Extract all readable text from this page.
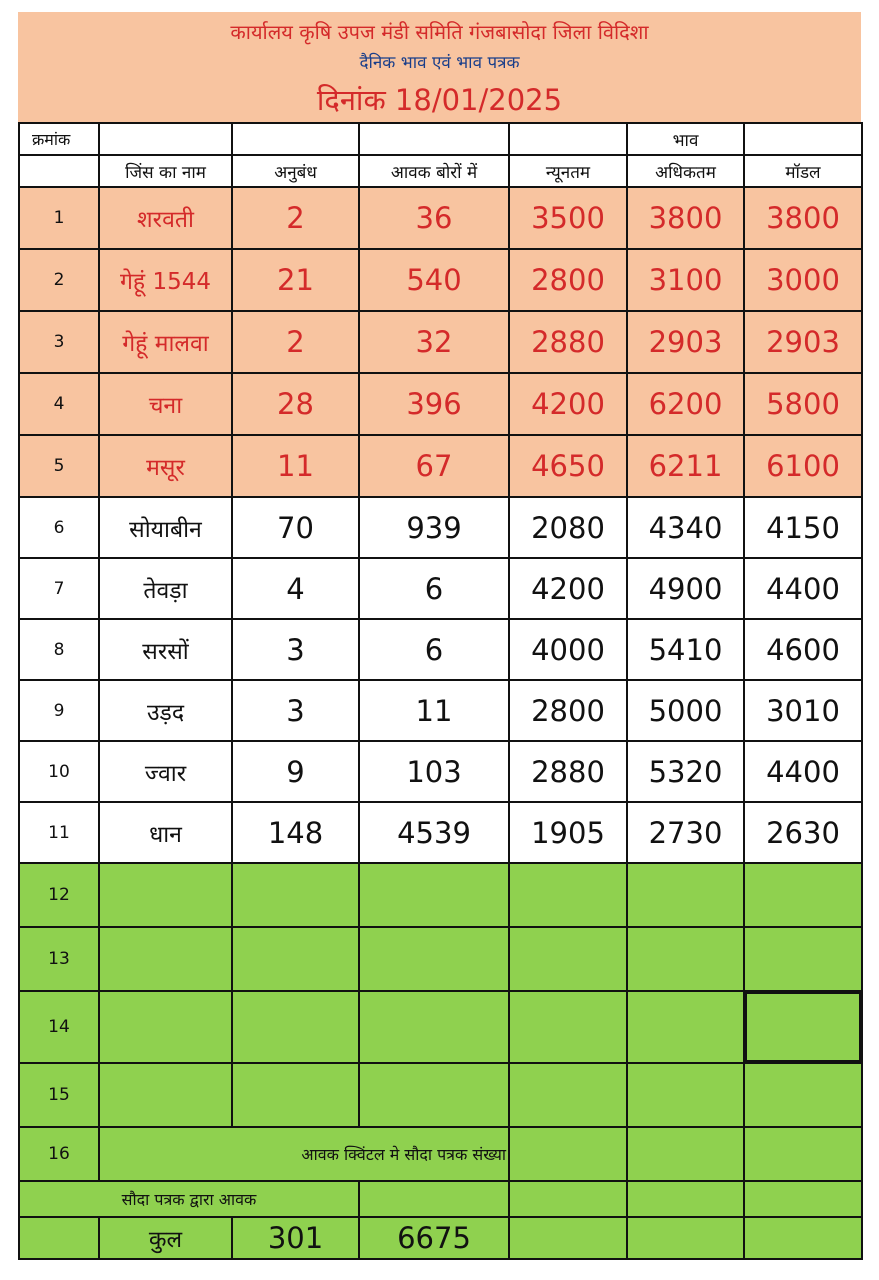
कार्यालय कृषि उपज मंडी समिति गंजबासोदा जिला विदिशा
दैनिक भाव एवं भाव पत्रक
दिनांक 18/01/2025
क्रमांक					भाव	
	जिंस का नाम	अनुबंध	आवक बोरों में	न्यूनतम	अधिकतम	मॉडल
1	शरवती	2	36	3500	3800	3800
2	गेहूं 1544	21	540	2800	3100	3000
3	गेहूं मालवा	2	32	2880	2903	2903
4	चना	28	396	4200	6200	5800
5	मसूर	11	67	4650	6211	6100
6	सोयाबीन	70	939	2080	4340	4150
7	तेवड़ा	4	6	4200	4900	4400
8	सरसों	3	6	4000	5410	4600
9	उड़द	3	11	2800	5000	3010
10	ज्वार	9	103	2880	5320	4400
11	धान	148	4539	1905	2730	2630
12						
13						
14						
15						
16	आवक क्विंटल मे सौदा पत्रक संख्या					
सौदा पत्रक द्वारा आवक						
	कुल	301	6675			
